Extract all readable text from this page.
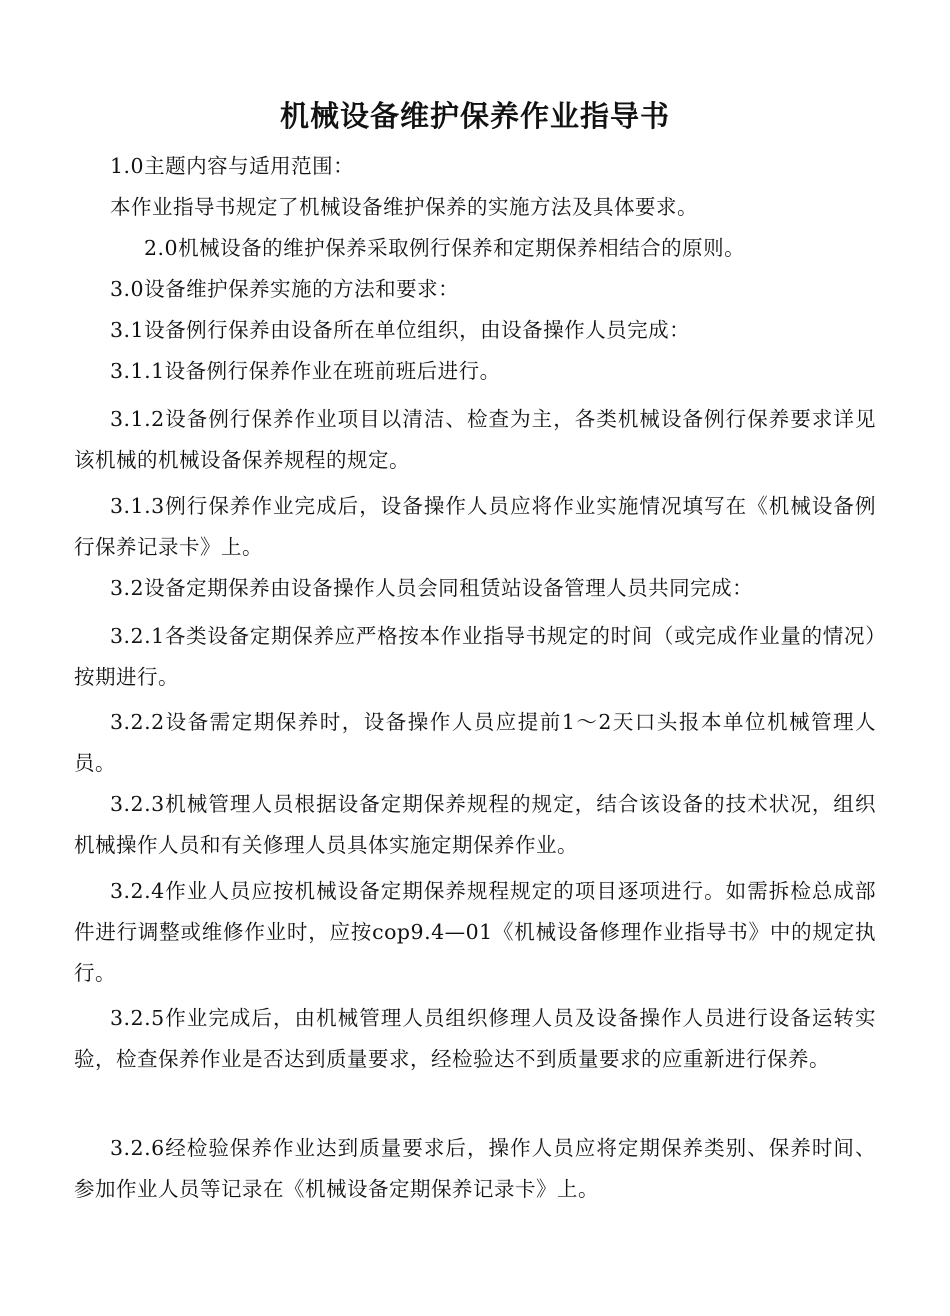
机械设备维护保养作业指导书

1.0主题内容与适用范围：

本作业指导书规定了机械设备维护保养的实施方法及具体要求。

2.0机械设备的维护保养采取例行保养和定期保养相结合的原则。

3.0设备维护保养实施的方法和要求：

3.1设备例行保养由设备所在单位组织，由设备操作人员完成：

3.1.1设备例行保养作业在班前班后进行。

3.1.2设备例行保养作业项目以清洁、检查为主，各类机械设备例行保养要求详见该机械的机械设备保养规程的规定。

3.1.3例行保养作业完成后，设备操作人员应将作业实施情况填写在《机械设备例行保养记录卡》上。

3.2设备定期保养由设备操作人员会同租赁站设备管理人员共同完成：

3.2.1各类设备定期保养应严格按本作业指导书规定的时间（或完成作业量的情况）按期进行。

3.2.2设备需定期保养时，设备操作人员应提前1～2天口头报本单位机械管理人员。

3.2.3机械管理人员根据设备定期保养规程的规定，结合该设备的技术状况，组织机械操作人员和有关修理人员具体实施定期保养作业。

3.2.4作业人员应按机械设备定期保养规程规定的项目逐项进行。如需拆检总成部件进行调整或维修作业时，应按cop9.4—01《机械设备修理作业指导书》中的规定执行。

3.2.5作业完成后，由机械管理人员组织修理人员及设备操作人员进行设备运转实验，检查保养作业是否达到质量要求，经检验达不到质量要求的应重新进行保养。

3.2.6经检验保养作业达到质量要求后，操作人员应将定期保养类别、保养时间、参加作业人员等记录在《机械设备定期保养记录卡》上。
